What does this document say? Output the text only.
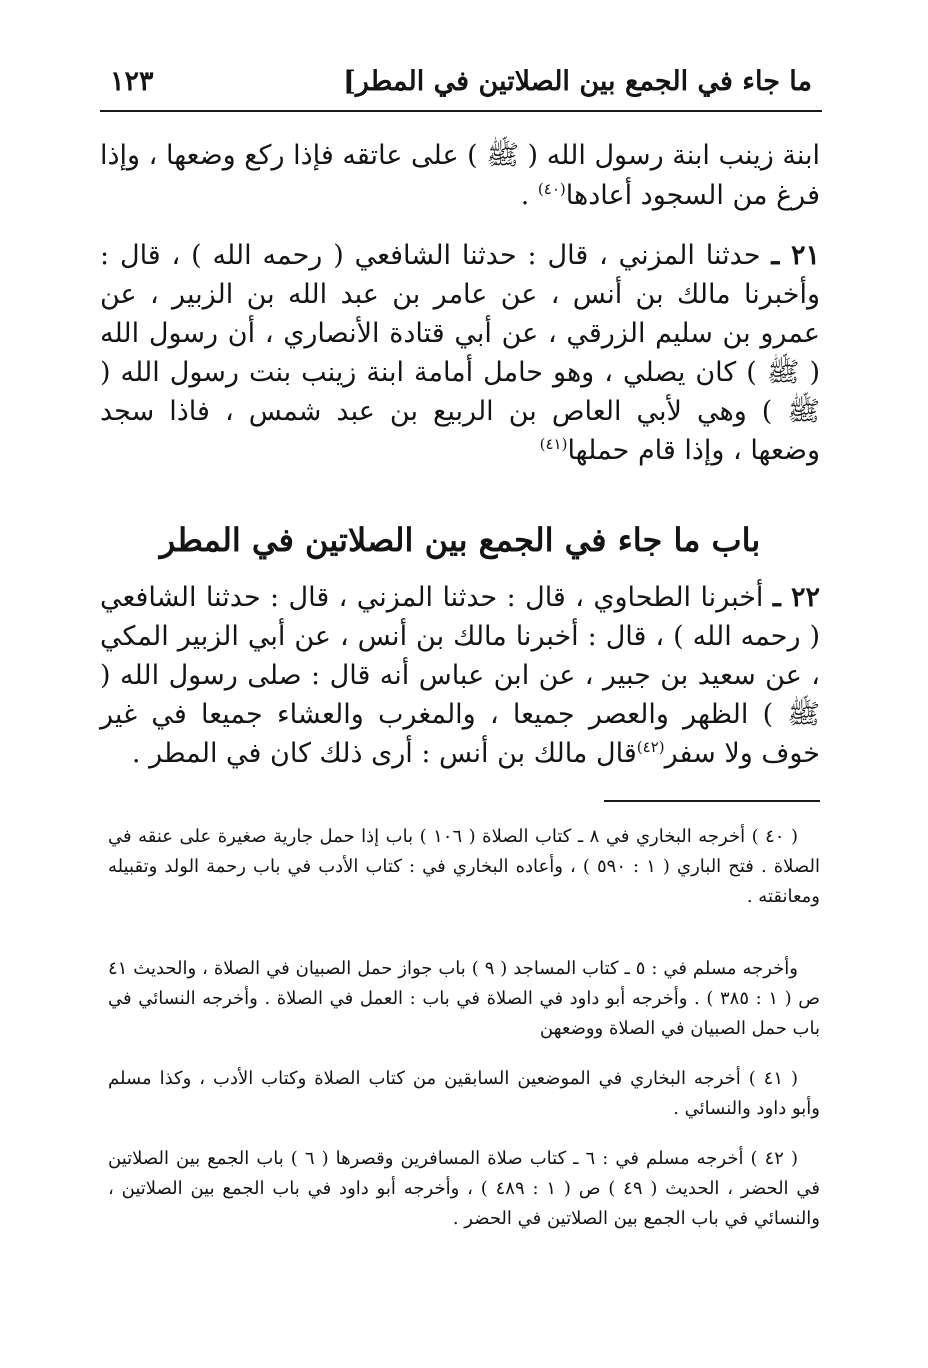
ما جاء في الجمع بين الصلاتين في المطر]
١٢٣

ابنة زينب ابنة رسول الله ( ﷺ ) على عاتقه فإذا ركع وضعها ، وإذا فرغ من السجود أعادها$^{(٤٠)}$ .

٢١ ـ حدثنا المزني ، قال : حدثنا الشافعي ( رحمه الله ) ، قال : وأخبرنا مالك بن أنس ، عن عامر بن عبد الله بن الزبير ، عن عمرو بن سليم الزرقي ، عن أبي قتادة الأنصاري ، أن رسول الله ( ﷺ ) كان يصلي ، وهو حامل أمامة ابنة زينب بنت رسول الله ( ﷺ ) وهي لأبي العاص بن الربيع بن عبد شمس ، فاذا سجد وضعها ، وإذا قام حملها$^{(٤١)}$

باب ما جاء في الجمع بين الصلاتين في المطر

٢٢ ـ أخبرنا الطحاوي ، قال : حدثنا المزني ، قال : حدثنا الشافعي ( رحمه الله ) ، قال : أخبرنا مالك بن أنس ، عن أبي الزبير المكي ، عن سعيد بن جبير ، عن ابن عباس أنه قال : صلى رسول الله ( ﷺ ) الظهر والعصر جميعا ، والمغرب والعشاء جميعا في غير خوف ولا سفر$^{(٤٢)}$قال مالك بن أنس : أرى ذلك كان في المطر .

( ٤٠ ) أخرجه البخاري في ٨ ـ كتاب الصلاة ( ١٠٦ ) باب إذا حمل جارية صغيرة على عنقه في الصلاة . فتح الباري ( ١ : ٥٩٠ ) ، وأعاده البخاري في : كتاب الأدب في باب رحمة الولد وتقبيله ومعانقته .

وأخرجه مسلم في : ٥ ـ كتاب المساجد ( ٩ ) باب جواز حمل الصبيان في الصلاة ، والحديث ٤١ ص ( ١ : ٣٨٥ ) . وأخرجه أبو داود في الصلاة في باب : العمل في الصلاة . وأخرجه النسائي في باب حمل الصبيان في الصلاة ووضعهن

( ٤١ ) أخرجه البخاري في الموضعين السابقين من كتاب الصلاة وكتاب الأدب ، وكذا مسلم وأبو داود والنسائي .

( ٤٢ ) أخرجه مسلم في : ٦ ـ كتاب صلاة المسافرين وقصرها ( ٦ ) باب الجمع بين الصلاتين في الحضر ، الحديث ( ٤٩ ) ص ( ١ : ٤٨٩ ) ، وأخرجه أبو داود في باب الجمع بين الصلاتين ، والنسائي في باب الجمع بين الصلاتين في الحضر .
